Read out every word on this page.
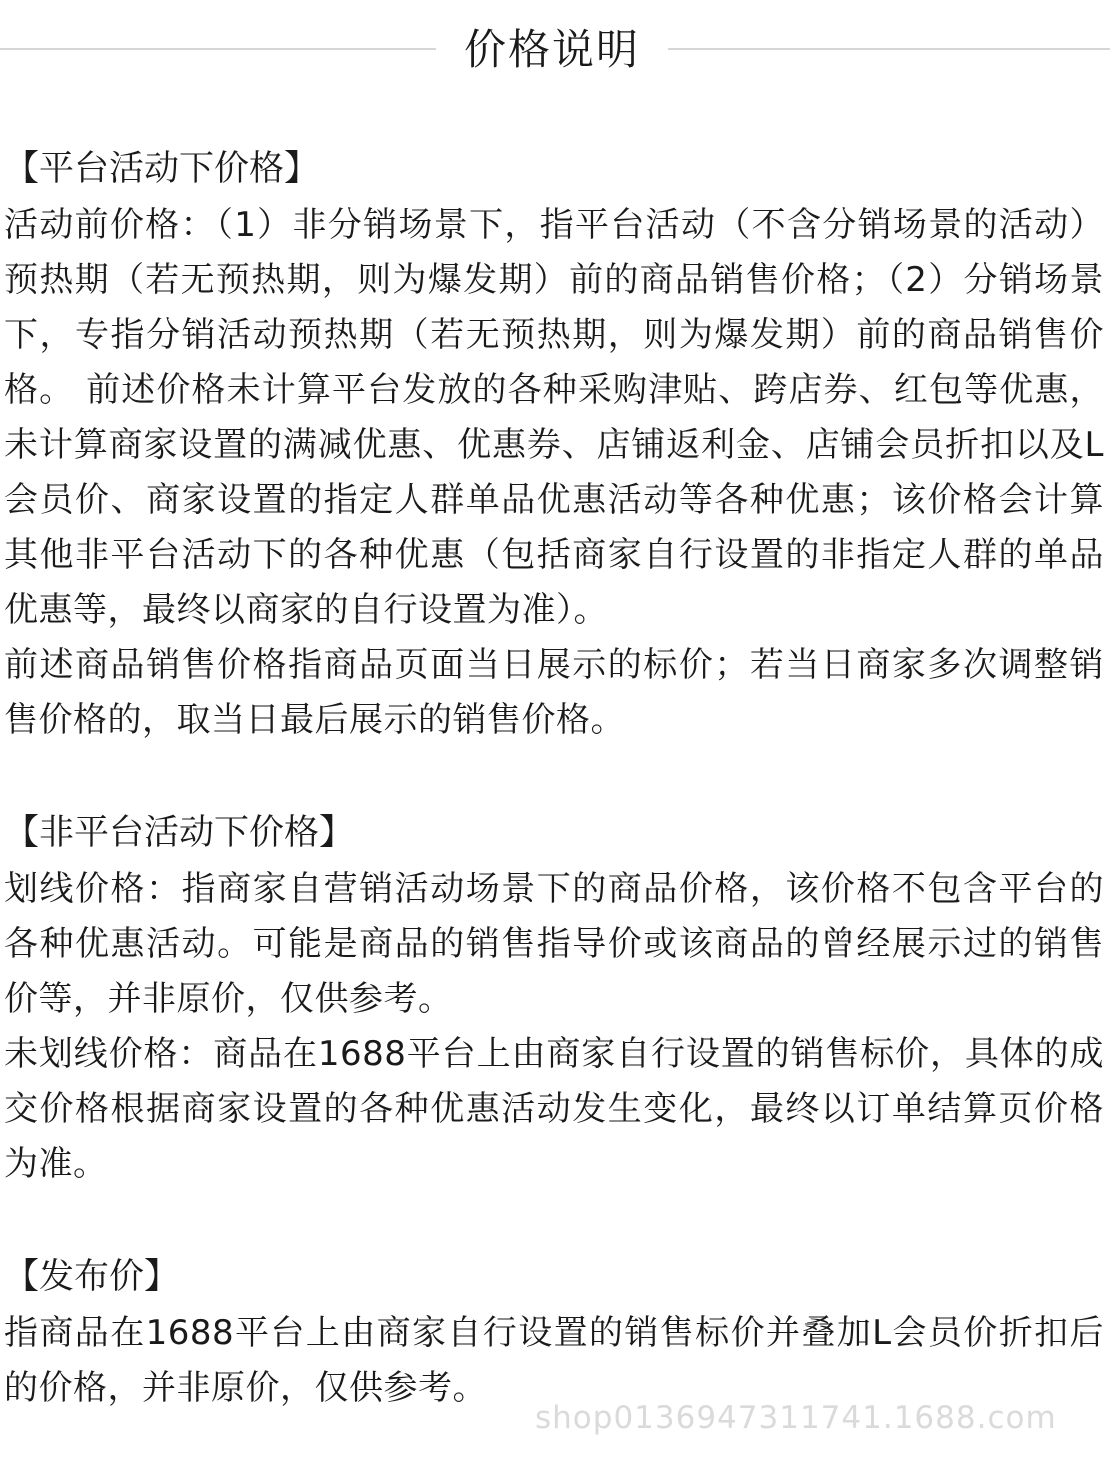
价格说明

【平台活动下价格】

活动前价格：（1）非分销场景下，指平台活动（不含分销场景的活动）预热期（若无预热期，则为爆发期）前的商品销售价格；（2）分销场景下，专指分销活动预热期（若无预热期，则为爆发期）前的商品销售价格。 前述价格未计算平台发放的各种采购津贴、跨店券、红包等优惠，未计算商家设置的满减优惠、优惠券、店铺返利金、店铺会员折扣以及L会员价、商家设置的指定人群单品优惠活动等各种优惠；该价格会计算其他非平台活动下的各种优惠（包括商家自行设置的非指定人群的单品优惠等，最终以商家的自行设置为准）。

前述商品销售价格指商品页面当日展示的标价；若当日商家多次调整销售价格的，取当日最后展示的销售价格。

【非平台活动下价格】

划线价格：指商家自营销活动场景下的商品价格，该价格不包含平台的各种优惠活动。可能是商品的销售指导价或该商品的曾经展示过的销售价等，并非原价，仅供参考。

未划线价格：商品在1688平台上由商家自行设置的销售标价，具体的成交价格根据商家设置的各种优惠活动发生变化，最终以订单结算页价格为准。

【发布价】

指商品在1688平台上由商家自行设置的销售标价并叠加L会员价折扣后的价格，并非原价，仅供参考。

shop0136947311741.1688.com
